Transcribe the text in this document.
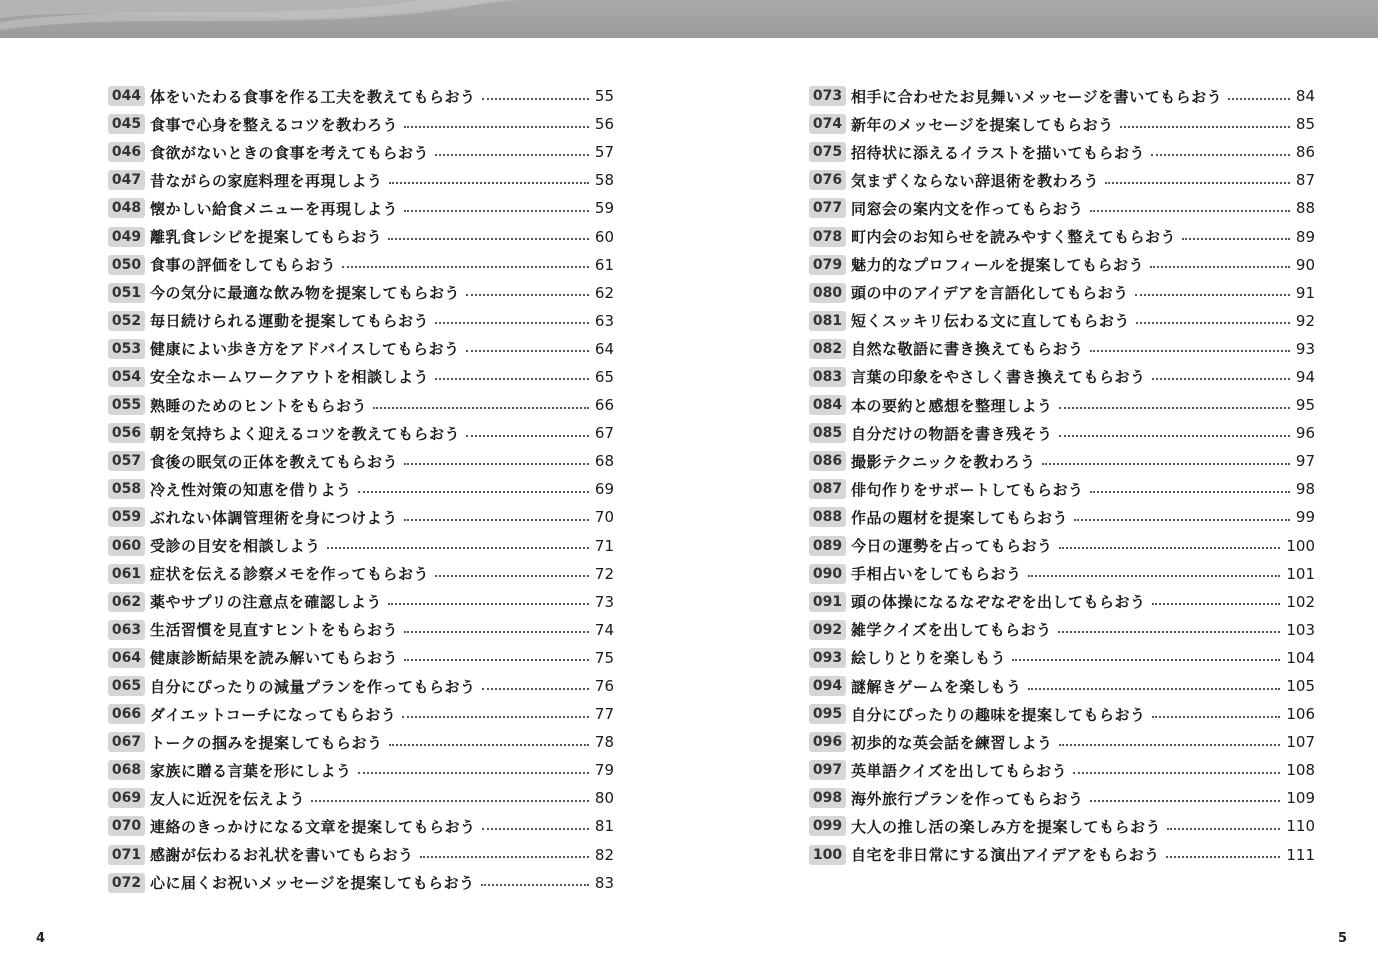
044 体をいたわる食事を作る工夫を教えてもらおう	55
045 食事で心身を整えるコツを教わろう	56
046 食欲がないときの食事を考えてもらおう	57
047 昔ながらの家庭料理を再現しよう	58
048 懐かしい給食メニューを再現しよう	59
049 離乳食レシピを提案してもらおう	60
050 食事の評価をしてもらおう	61
051 今の気分に最適な飲み物を提案してもらおう	62
052 毎日続けられる運動を提案してもらおう	63
053 健康によい歩き方をアドバイスしてもらおう	64
054 安全なホームワークアウトを相談しよう	65
055 熟睡のためのヒントをもらおう	66
056 朝を気持ちよく迎えるコツを教えてもらおう	67
057 食後の眠気の正体を教えてもらおう	68
058 冷え性対策の知恵を借りよう	69
059 ぶれない体調管理術を身につけよう	70
060 受診の目安を相談しよう	71
061 症状を伝える診察メモを作ってもらおう	72
062 薬やサプリの注意点を確認しよう	73
063 生活習慣を見直すヒントをもらおう	74
064 健康診断結果を読み解いてもらおう	75
065 自分にぴったりの減量プランを作ってもらおう	76
066 ダイエットコーチになってもらおう	77
067 トークの掴みを提案してもらおう	78
068 家族に贈る言葉を形にしよう	79
069 友人に近況を伝えよう	80
070 連絡のきっかけになる文章を提案してもらおう	81
071 感謝が伝わるお礼状を書いてもらおう	82
072 心に届くお祝いメッセージを提案してもらおう	83
073 相手に合わせたお見舞いメッセージを書いてもらおう	84
074 新年のメッセージを提案してもらおう	85
075 招待状に添えるイラストを描いてもらおう	86
076 気まずくならない辞退術を教わろう	87
077 同窓会の案内文を作ってもらおう	88
078 町内会のお知らせを読みやすく整えてもらおう	89
079 魅力的なプロフィールを提案してもらおう	90
080 頭の中のアイデアを言語化してもらおう	91
081 短くスッキリ伝わる文に直してもらおう	92
082 自然な敬語に書き換えてもらおう	93
083 言葉の印象をやさしく書き換えてもらおう	94
084 本の要約と感想を整理しよう	95
085 自分だけの物語を書き残そう	96
086 撮影テクニックを教わろう	97
087 俳句作りをサポートしてもらおう	98
088 作品の題材を提案してもらおう	99
089 今日の運勢を占ってもらおう	100
090 手相占いをしてもらおう	101
091 頭の体操になるなぞなぞを出してもらおう	102
092 雑学クイズを出してもらおう	103
093 絵しりとりを楽しもう	104
094 謎解きゲームを楽しもう	105
095 自分にぴったりの趣味を提案してもらおう	106
096 初歩的な英会話を練習しよう	107
097 英単語クイズを出してもらおう	108
098 海外旅行プランを作ってもらおう	109
099 大人の推し活の楽しみ方を提案してもらおう	110
100 自宅を非日常にする演出アイデアをもらおう	111
4	5
